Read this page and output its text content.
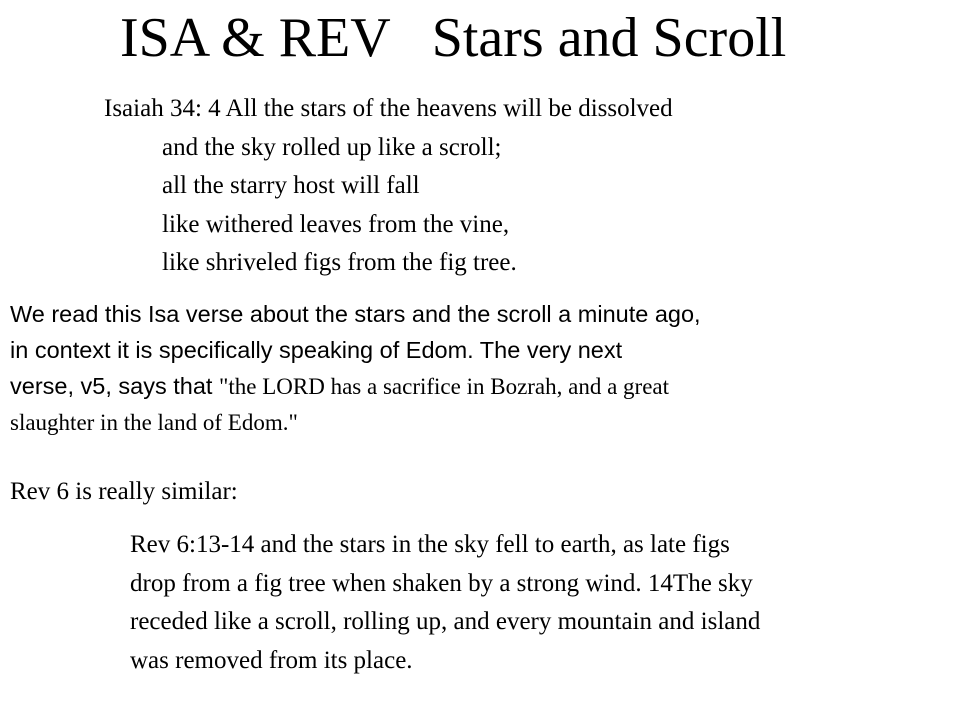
ISA & REV   Stars and Scroll
Isaiah 34: 4 All the stars of the heavens will be dissolved
and the sky rolled up like a scroll;
all the starry host will fall
like withered leaves from the vine,
like shriveled figs from the fig tree.
We read this Isa verse about the stars and the scroll a minute ago,
in context it is specifically speaking of Edom. The very next
verse, v5, says that "the LORD has a sacrifice in Bozrah, and a great
slaughter in the land of Edom."
Rev 6 is really similar:
Rev 6:13-14 and the stars in the sky fell to earth, as late figs
drop from a fig tree when shaken by a strong wind. 14The sky
receded like a scroll, rolling up, and every mountain and island
was removed from its place.
